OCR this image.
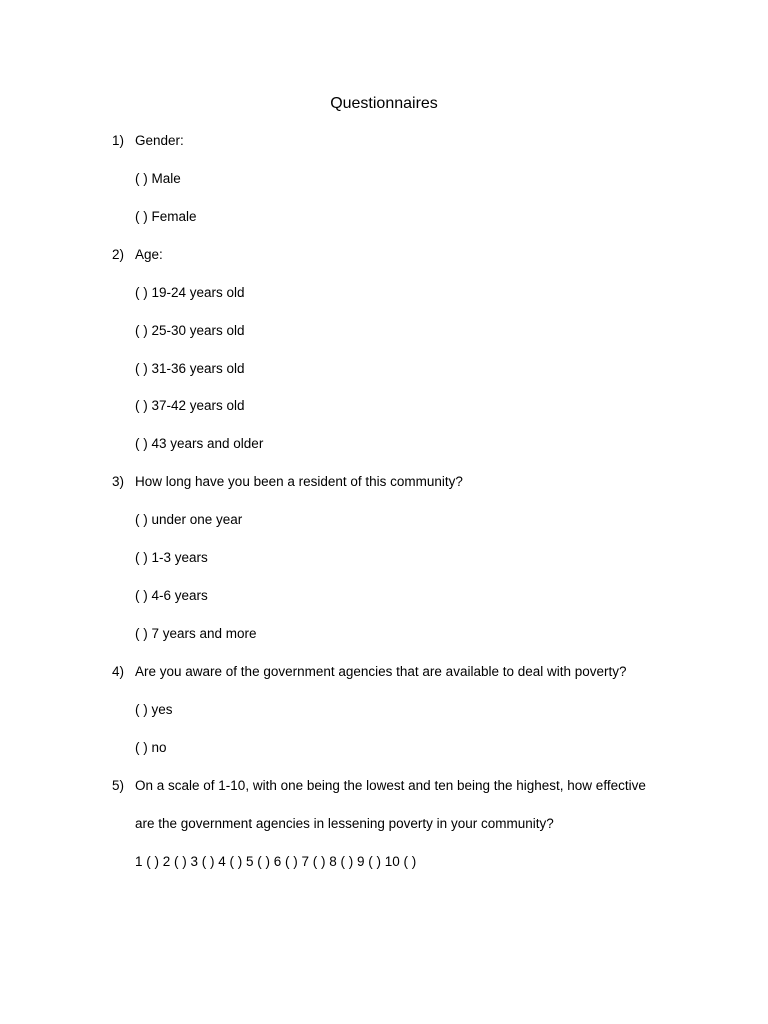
Questionnaires
1) Gender:
( ) Male
( ) Female
2) Age:
( ) 19-24 years old
( ) 25-30 years old
( ) 31-36 years old
( ) 37-42 years old
( ) 43 years and older
3) How long have you been a resident of this community?
( ) under one year
( ) 1-3 years
( ) 4-6 years
( ) 7 years and more
4) Are you aware of the government agencies that are available to deal with poverty?
( ) yes
( ) no
5) On a scale of 1-10, with one being the lowest and ten being the highest, how effective
are the government agencies in lessening poverty in your community?
1 ( ) 2 ( ) 3 ( ) 4 ( ) 5 ( ) 6 ( ) 7 ( ) 8 ( ) 9 ( ) 10 ( )
